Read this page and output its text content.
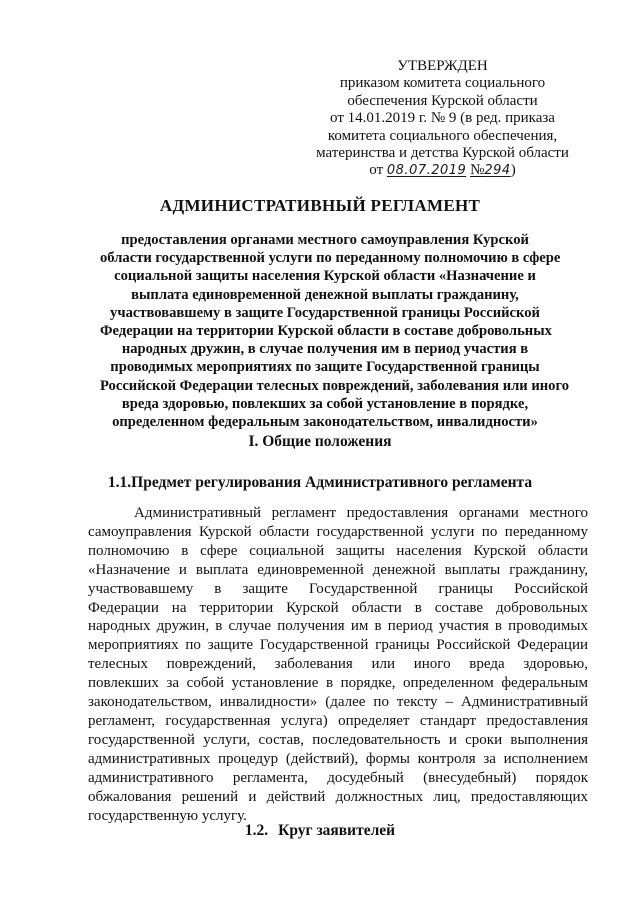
УТВЕРЖДЕН
приказом комитета социального
обеспечения Курской области
от 14.01.2019 г. № 9 (в ред. приказа
комитета социального обеспечения,
материнства и детства Курской области
от 08.07.2019 №294)
АДМИНИСТРАТИВНЫЙ РЕГЛАМЕНТ
предоставления органами местного самоуправления Курской
области государственной услуги по переданному полномочию в сфере
социальной защиты населения Курской области «Назначение и
выплата единовременной денежной выплаты гражданину,
участвовавшему в защите Государственной границы Российской
Федерации на территории Курской области в составе добровольных
народных дружин, в случае получения им в период участия в
проводимых мероприятиях по защите Государственной границы
Российской Федерации телесных повреждений, заболевания или иного
вреда здоровью, повлекших за собой установление в порядке,
определенном федеральным законодательством, инвалидности»
I. Общие положения
1.1.Предмет регулирования Административного регламента
Административный регламент предоставления органами местного
самоуправления Курской области государственной услуги по переданному
полномочию в сфере социальной защиты населения Курской области
«Назначение и выплата единовременной денежной выплаты гражданину,
участвовавшему в защите Государственной границы Российской
Федерации на территории Курской области в составе добровольных
народных дружин, в случае получения им в период участия в проводимых
мероприятиях по защите Государственной границы Российской Федерации
телесных повреждений, заболевания или иного вреда здоровью,
повлекших за собой установление в порядке, определенном федеральным
законодательством, инвалидности» (далее по тексту – Административный
регламент, государственная услуга) определяет стандарт предоставления
государственной услуги, состав, последовательность и сроки выполнения
административных процедур (действий), формы контроля за исполнением
административного регламента, досудебный (внесудебный) порядок
обжалования решений и действий должностных лиц, предоставляющих
государственную услугу.
1.2. Круг заявителей
